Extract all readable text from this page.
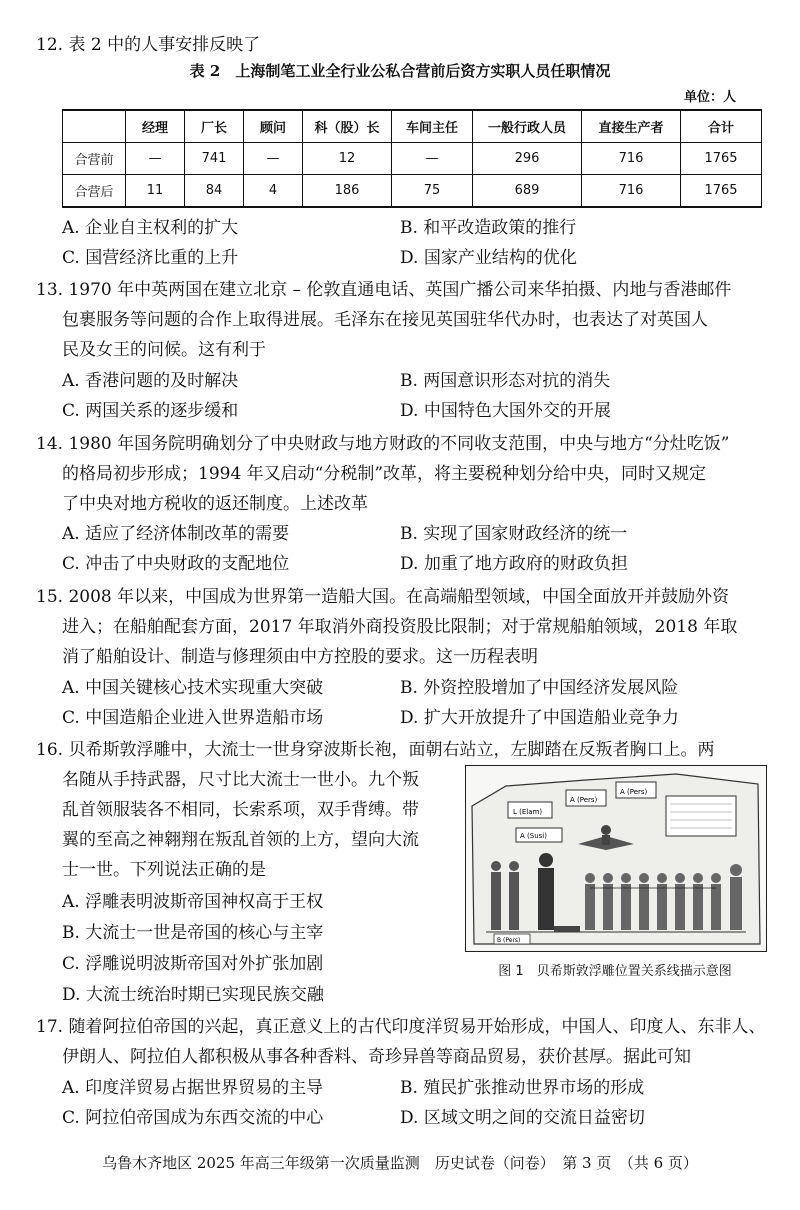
12. 表 2 中的人事安排反映了
表 2　上海制笔工业全行业公私合营前后资方实职人员任职情况
单位：人
	经理	厂长	顾问	科（股）长	车间主任	一般行政人员	直接生产者	合计
合营前	—	741	—	12	—	296	716	1765
合营后	11	84	4	186	75	689	716	1765
A. 企业自主权利的扩大	B. 和平改造政策的推行
C. 国营经济比重的上升	D. 国家产业结构的优化
13. 1970 年中英两国在建立北京 – 伦敦直通电话、英国广播公司来华拍摄、内地与香港邮件
包裹服务等问题的合作上取得进展。毛泽东在接见英国驻华代办时，也表达了对英国人
民及女王的问候。这有利于
A. 香港问题的及时解决	B. 两国意识形态对抗的消失
C. 两国关系的逐步缓和	D. 中国特色大国外交的开展
14. 1980 年国务院明确划分了中央财政与地方财政的不同收支范围，中央与地方“分灶吃饭”
的格局初步形成；1994 年又启动“分税制”改革，将主要税种划分给中央，同时又规定
了中央对地方税收的返还制度。上述改革
A. 适应了经济体制改革的需要	B. 实现了国家财政经济的统一
C. 冲击了中央财政的支配地位	D. 加重了地方政府的财政负担
15. 2008 年以来，中国成为世界第一造船大国。在高端船型领域，中国全面放开并鼓励外资
进入；在船舶配套方面，2017 年取消外商投资股比限制；对于常规船舶领域，2018 年取
消了船舶设计、制造与修理须由中方控股的要求。这一历程表明
A. 中国关键核心技术实现重大突破	B. 外资控股增加了中国经济发展风险
C. 中国造船企业进入世界造船市场	D. 扩大开放提升了中国造船业竞争力
16. 贝希斯敦浮雕中，大流士一世身穿波斯长袍，面朝右站立，左脚踏在反叛者胸口上。两
名随从手持武器，尺寸比大流士一世小。九个叛
乱首领服装各不相同，长索系项，双手背缚。带
翼的至高之神翱翔在叛乱首领的上方，望向大流
士一世。下列说法正确的是
A. 浮雕表明波斯帝国神权高于王权
B. 大流士一世是帝国的核心与主宰
C. 浮雕说明波斯帝国对外扩张加剧
D. 大流士统治时期已实现民族交融
L (Elam)
A (Pers)
A (Pers)
A (Susi)
B (Pers)
图 1　贝希斯敦浮雕位置关系线描示意图
17. 随着阿拉伯帝国的兴起，真正意义上的古代印度洋贸易开始形成，中国人、印度人、东非人、
伊朗人、阿拉伯人都积极从事各种香料、奇珍异兽等商品贸易，获价甚厚。据此可知
A. 印度洋贸易占据世界贸易的主导	B. 殖民扩张推动世界市场的形成
C. 阿拉伯帝国成为东西交流的中心	D. 区域文明之间的交流日益密切
乌鲁木齐地区 2025 年高三年级第一次质量监测　历史试卷（问卷）　第 3 页　（共 6 页）
